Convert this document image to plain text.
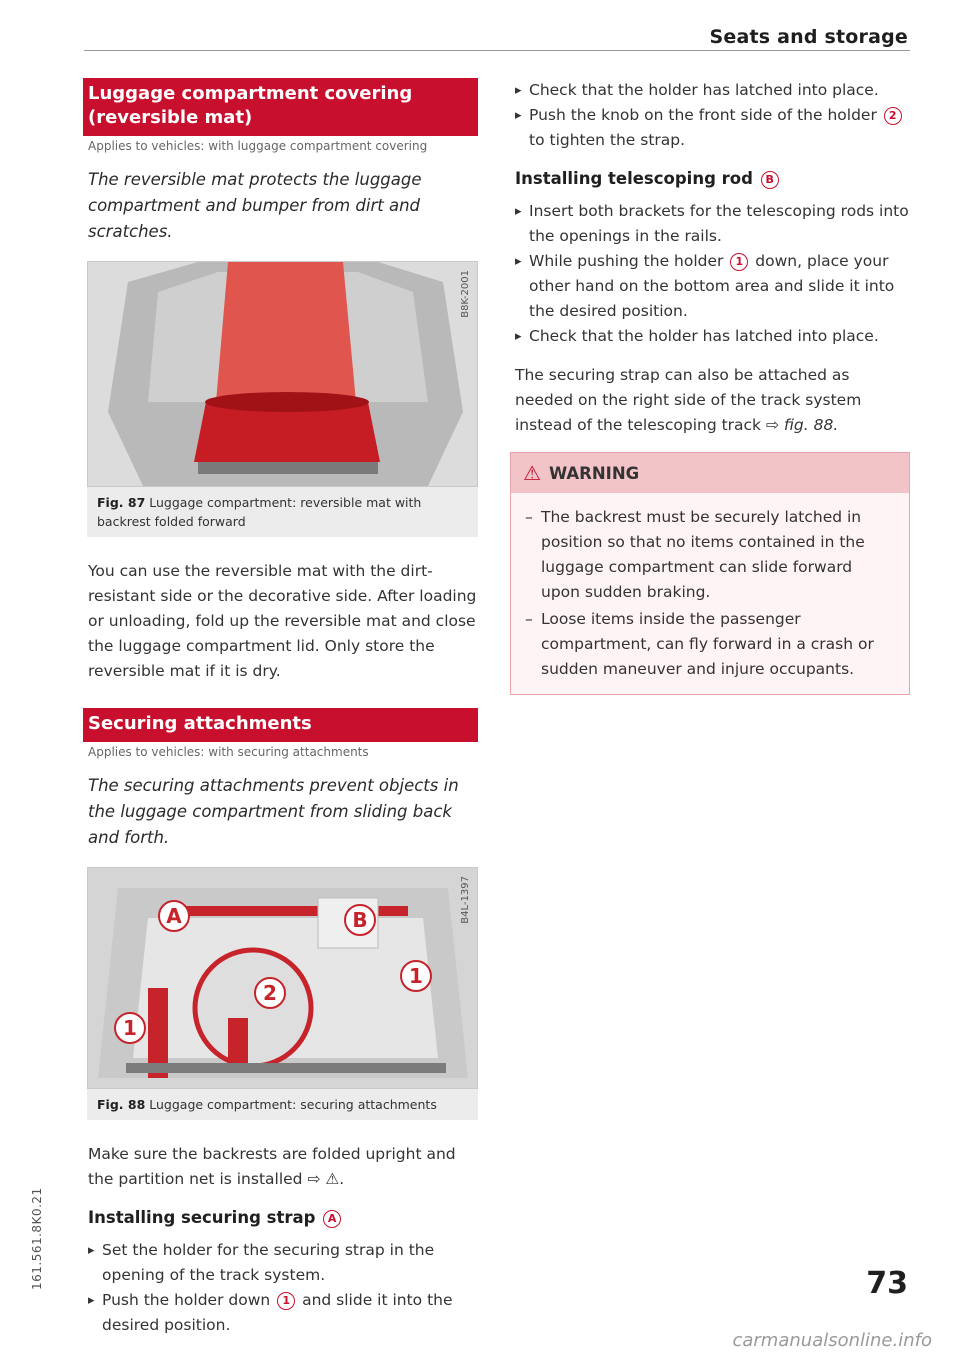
Seats and storage
161.561.8K0.21
Luggage compartment covering (reversible mat)
Applies to vehicles: with luggage compartment covering

The reversible mat protects the luggage compartment and bumper from dirt and scratches.

B8K-2001
Fig. 87 Luggage compartment: reversible mat with backrest folded forward

You can use the reversible mat with the dirt-resistant side or the decorative side. After loading or unloading, fold up the reversible mat and close the luggage compartment lid. Only store the reversible mat if it is dry.

Securing attachments
Applies to vehicles: with securing attachments

The securing attachments prevent objects in the luggage compartment from sliding back and forth.

A	B
1
2
1
B4L-1397
Fig. 88 Luggage compartment: securing attachments

Make sure the backrests are folded upright and the partition net is installed ⇨ ⚠.

Installing securing strap A
▸ Set the holder for the securing strap in the opening of the track system.
▸ Push the holder down 1 and slide it into the desired position.
▸ Check that the holder has latched into place.
▸ Push the knob on the front side of the holder 2 to tighten the strap.
Installing telescoping rod B
▸ Insert both brackets for the telescoping rods into the openings in the rails.
▸ While pushing the holder 1 down, place your other hand on the bottom area and slide it into the desired position.
▸ Check that the holder has latched into place.

The securing strap can also be attached as needed on the right side of the track system instead of the telescoping track ⇨ fig. 88.

⚠ WARNING
– The backrest must be securely latched in position so that no items contained in the luggage compartment can slide forward upon sudden braking.
– Loose items inside the passenger compartment, can fly forward in a crash or sudden maneuver and injure occupants.
73
carmanualsonline.info
